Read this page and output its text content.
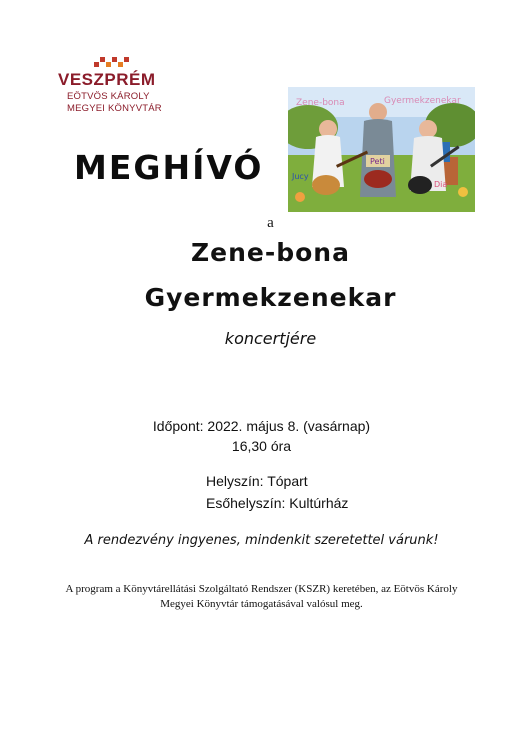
VESZPRÉM
EÖTVÖS KÁROLY
MEGYEI KÖNYVTÁR	Zene-bona	Gyermekzenekar
Jucy
Peti
Dia
MEGHÍVÓ
a
Zene-bona
Gyermekzenekar
koncertjére
Időpont: 2022. május 8. (vasárnap)
16,30 óra
Helyszín: Tópart
Esőhelyszín: Kultúrház
A rendezvény ingyenes, mindenkit szeretettel várunk!
A program a Könyvtárellátási Szolgáltató Rendszer (KSZR) keretében, az Eötvös Károly Megyei Könyvtár támogatásával valósul meg.
